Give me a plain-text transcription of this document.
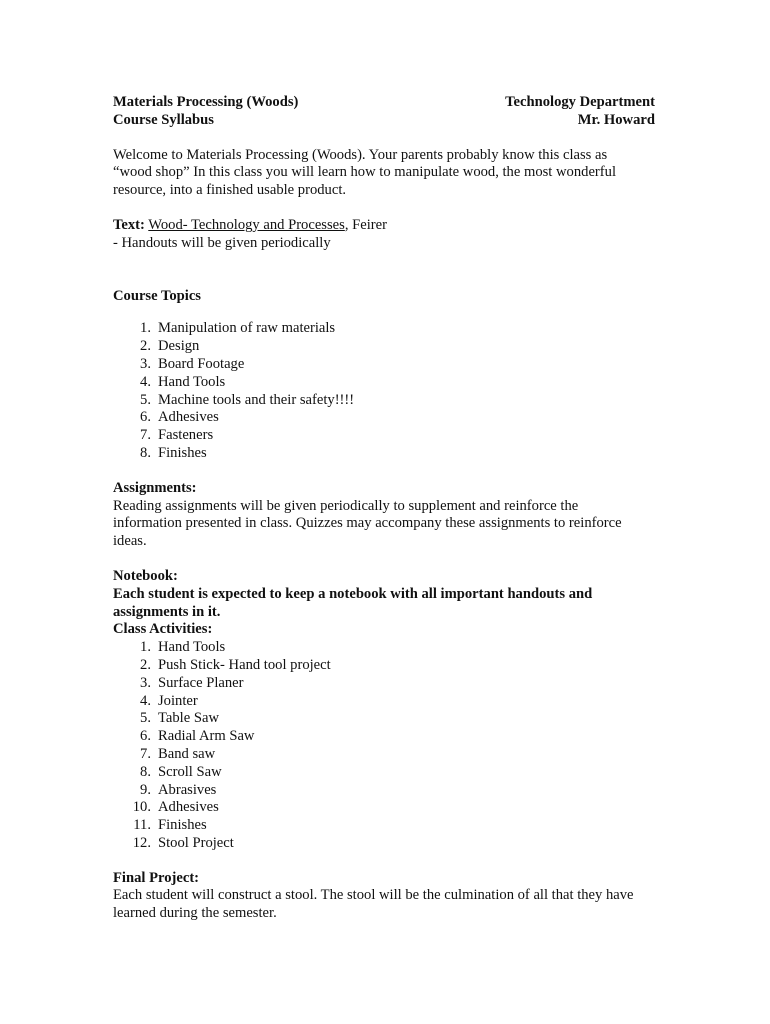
Materials Processing (Woods)	Technology Department
Course Syllabus	Mr. Howard
Welcome to Materials Processing (Woods). Your parents probably know this class as
“wood shop” In this class you will learn how to manipulate wood, the most wonderful
resource, into a finished usable product.
Text: Wood- Technology and Processes, Feirer
- Handouts will be given periodically
Course Topics
1 . Manipulation of raw materials
2 . Design
3 . Board Footage
4 . Hand Tools
5 . Machine tools and their safety!!!!
6 . Adhesives
7 . Fasteners
8 . Finishes
Assignments:
Reading assignments will be given periodically to supplement and reinforce the
information presented in class. Quizzes may accompany these assignments to reinforce
ideas.
Notebook:
Each student is expected to keep a notebook with all important handouts and
assignments in it.
Class Activities:
1 . Hand Tools
2 . Push Stick- Hand tool project
3 . Surface Planer
4 . Jointer
5 . Table Saw
6 . Radial Arm Saw
7 . Band saw
8 . Scroll Saw
9 . Abrasives
10 . Adhesives
11 . Finishes
12 . Stool Project
Final Project:
Each student will construct a stool. The stool will be the culmination of all that they have
learned during the semester.
